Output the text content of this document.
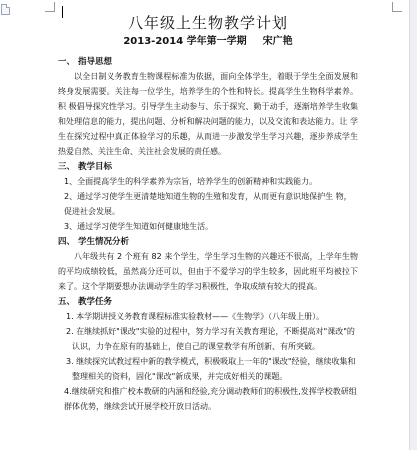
八年级上生物教学计划

2013-2014 学年第一学期 宋广艳

一、 指导思想

以全日制义务教育生物课程标准为依据，面向全体学生，着眼于学生全面发展和终身发展需要。关注每一位学生，培养学生的个性和特长。提高学生生物科学素养。积 极倡导探究性学习。引导学生主动参与、乐于探究、勤于动手，逐渐培养学生收集和处理信息的能力，提出问题、分析和解决问题的能力，以及交流和表达能力。让 学生在探究过程中真正体验学习的乐趣，从而进一步激发学生学习兴趣，逐步养成学生热爱自然、关注生命、关注社会发展的责任感。

三、 教学目标

1、全面提高学生的科学素养为宗旨，培养学生的创新精神和实践能力。

2、通过学习使学生更清楚地知道生物的生殖和发育，从而更有意识地保护生 物，促进社会发展。

3、通过学习使学生知道如何健康地生活。

四、 学生情况分析

八年级共有 2 个班有 82 来个学生，学生学习生物的兴趣还不很高，上学年生物的平均成绩较低，虽然高分还可以，但由于不爱学习的学生较多，因此班平均被拉下来了。这个学期要想办法调动学生的学习积极性，争取成绩有较大的提高。

五、 教学任务

1. 本学期讲授义务教育课程标准实验教材——《生物学》（八年级上册）。

2. 在继续抓好"课改"实验的过程中，努力学习有关教育理论，不断提高对"课改"的认识，力争在原有的基础上，使自己的课堂教学有所创新、有所突破。

3. 继续探究试教过程中新的教学模式，积极吸取上一年的"课改"经验，继续收集和整理相关的资料，固化"课改"新成果，并完成好相关的课题。

4.继续研究和推广校本教研的内涵和经验,充分调动教师们的积极性,发挥学校教研组群体优势，继续尝试开展学校开放日活动。
